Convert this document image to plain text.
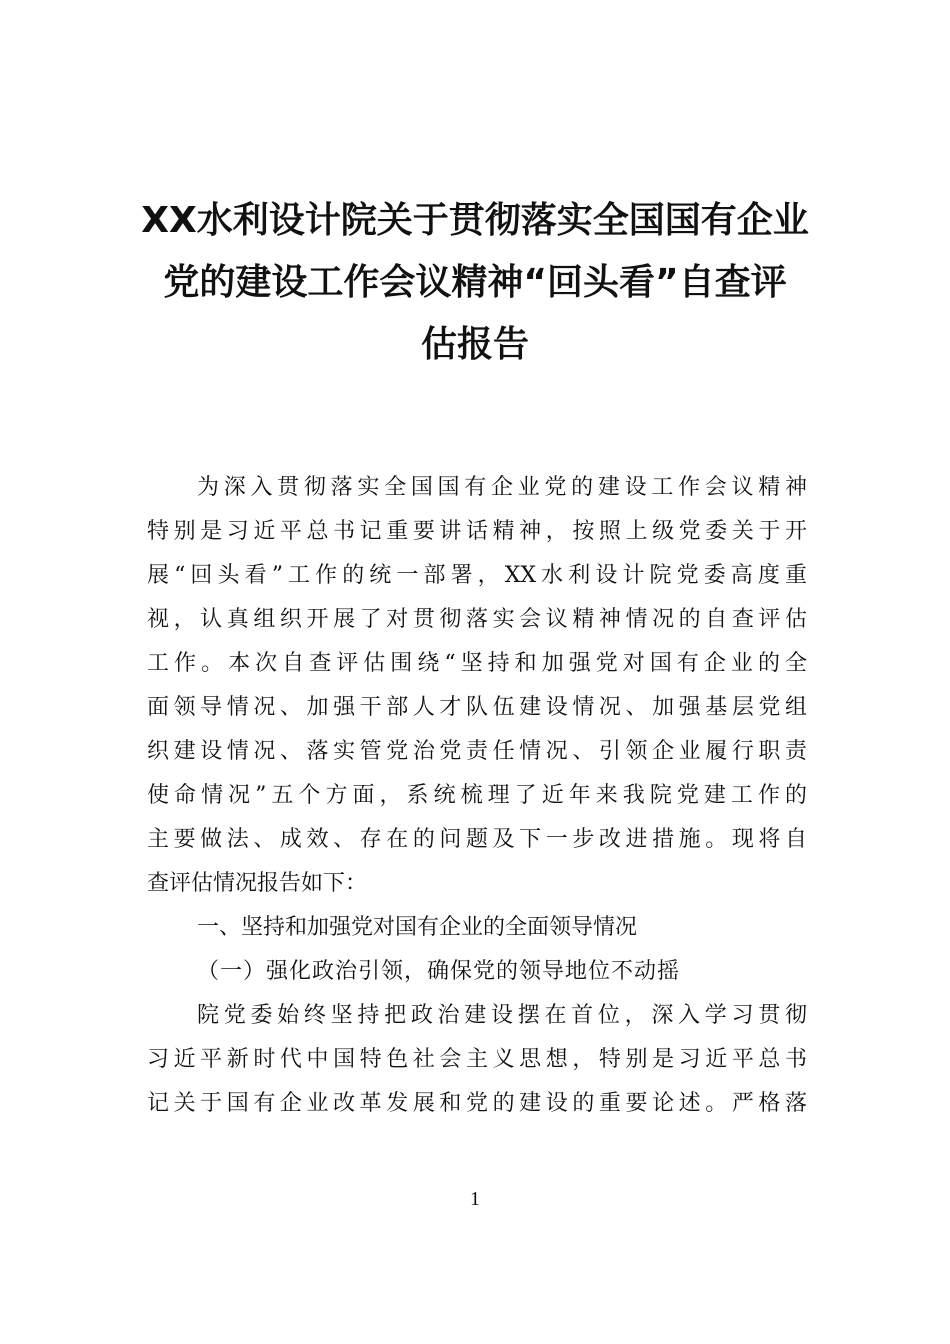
XX水利设计院关于贯彻落实全国国有企业
党的建设工作会议精神“回头看”自查评
估报告
为深入贯彻落实全国国有企业党的建设工作会议精神
特别是习近平总书记重要讲话精神，按照上级党委关于开
展“回头看”工作的统一部署，XX水利设计院党委高度重
视，认真组织开展了对贯彻落实会议精神情况的自查评估
工作。本次自查评估围绕“坚持和加强党对国有企业的全
面领导情况、加强干部人才队伍建设情况、加强基层党组
织建设情况、落实管党治党责任情况、引领企业履行职责
使命情况”五个方面，系统梳理了近年来我院党建工作的
主要做法、成效、存在的问题及下一步改进措施。现将自
查评估情况报告如下：
一、坚持和加强党对国有企业的全面领导情况
（一）强化政治引领，确保党的领导地位不动摇
院党委始终坚持把政治建设摆在首位，深入学习贯彻
习近平新时代中国特色社会主义思想，特别是习近平总书
记关于国有企业改革发展和党的建设的重要论述。严格落
1
